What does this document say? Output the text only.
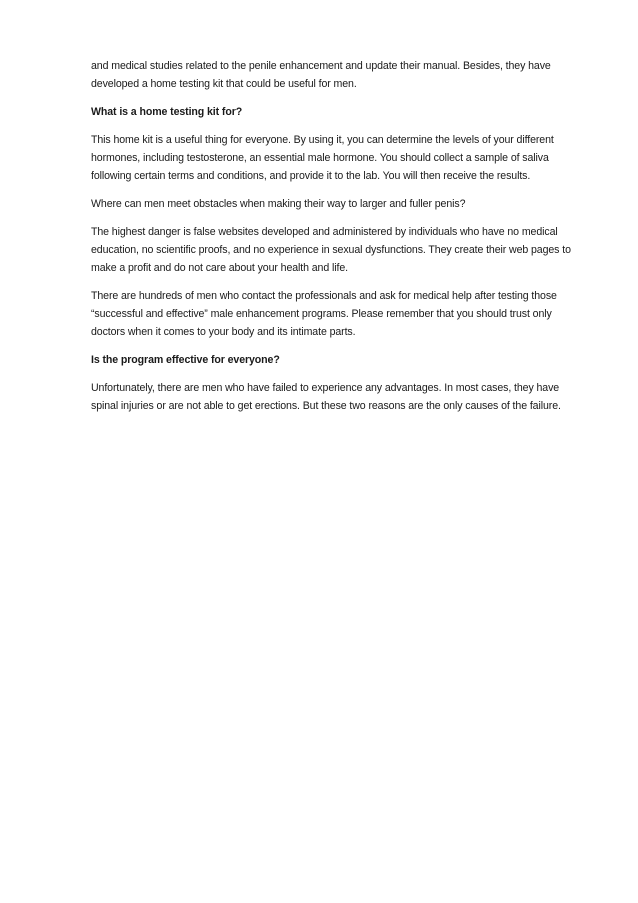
and medical studies related to the penile enhancement and update their manual. Besides, they have
developed a home testing kit that could be useful for men.

What is a home testing kit for?

This home kit is a useful thing for everyone. By using it, you can determine the levels of your different
hormones, including testosterone, an essential male hormone. You should collect a sample of saliva
following certain terms and conditions, and provide it to the lab. You will then receive the results.

Where can men meet obstacles when making their way to larger and fuller penis?

The highest danger is false websites developed and administered by individuals who have no medical
education, no scientific proofs, and no experience in sexual dysfunctions. They create their web pages to
make a profit and do not care about your health and life.

There are hundreds of men who contact the professionals and ask for medical help after testing those
“successful and effective” male enhancement programs. Please remember that you should trust only
doctors when it comes to your body and its intimate parts.

Is the program effective for everyone?

Unfortunately, there are men who have failed to experience any advantages. In most cases, they have
spinal injuries or are not able to get erections. But these two reasons are the only causes of the failure.
